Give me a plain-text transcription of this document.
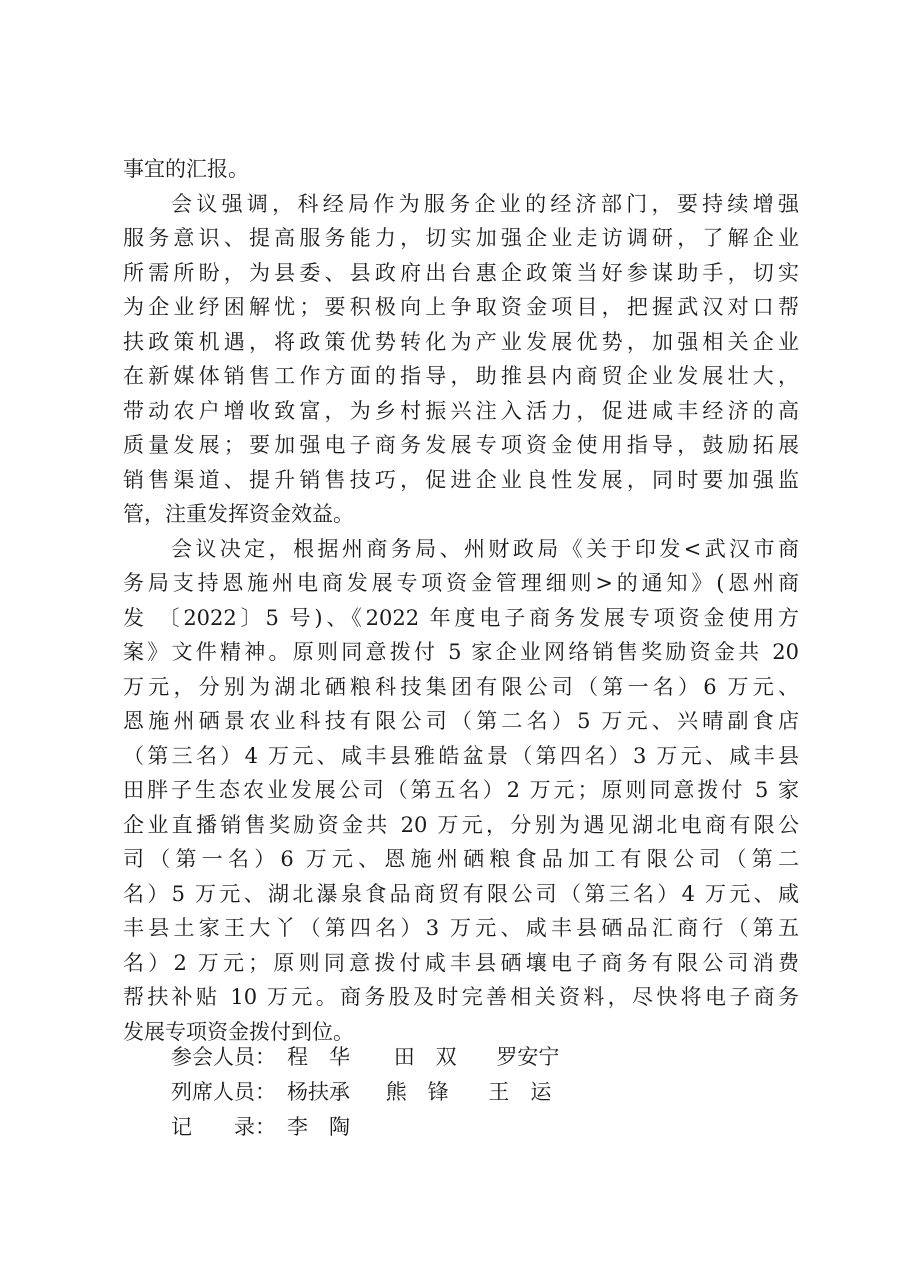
事宜的汇报。
会议强调，科经局作为服务企业的经济部门，要持续增强
服务意识、提高服务能力，切实加强企业走访调研，了解企业
所需所盼，为县委、县政府出台惠企政策当好参谋助手，切实
为企业纾困解忧；要积极向上争取资金项目，把握武汉对口帮
扶政策机遇，将政策优势转化为产业发展优势，加强相关企业
在新媒体销售工作方面的指导，助推县内商贸企业发展壮大，
带动农户增收致富，为乡村振兴注入活力，促进咸丰经济的高
质量发展；要加强电子商务发展专项资金使用指导，鼓励拓展
销售渠道、提升销售技巧，促进企业良性发展，同时要加强监
管，注重发挥资金效益。
会议决定，根据州商务局、州财政局《关于印发<武汉市商
务局支持恩施州电商发展专项资金管理细则>的通知》(恩州商
发 〔2022〕5 号)、《2022 年度电子商务发展专项资金使用方
案》文件精神。原则同意拨付 5 家企业网络销售奖励资金共 20
万元，分别为湖北硒粮科技集团有限公司（第一名）6 万元、
恩施州硒景农业科技有限公司（第二名）5 万元、兴晴副食店
（第三名）4 万元、咸丰县雅皓盆景（第四名）3 万元、咸丰县
田胖子生态农业发展公司（第五名）2 万元；原则同意拨付 5 家
企业直播销售奖励资金共 20 万元，分别为遇见湖北电商有限公
司（第一名）6 万元、恩施州硒粮食品加工有限公司（第二
名）5 万元、湖北瀑泉食品商贸有限公司（第三名）4 万元、咸
丰县土家王大丫（第四名）3 万元、咸丰县硒品汇商行（第五
名）2 万元；原则同意拨付咸丰县硒壤电子商务有限公司消费
帮扶补贴 10 万元。商务股及时完善相关资料，尽快将电子商务
发展专项资金拨付到位。
参会人员： 程　华 田　双 罗安宁
列席人员： 杨扶承 熊　锋 王　运
记　　录： 李　陶
